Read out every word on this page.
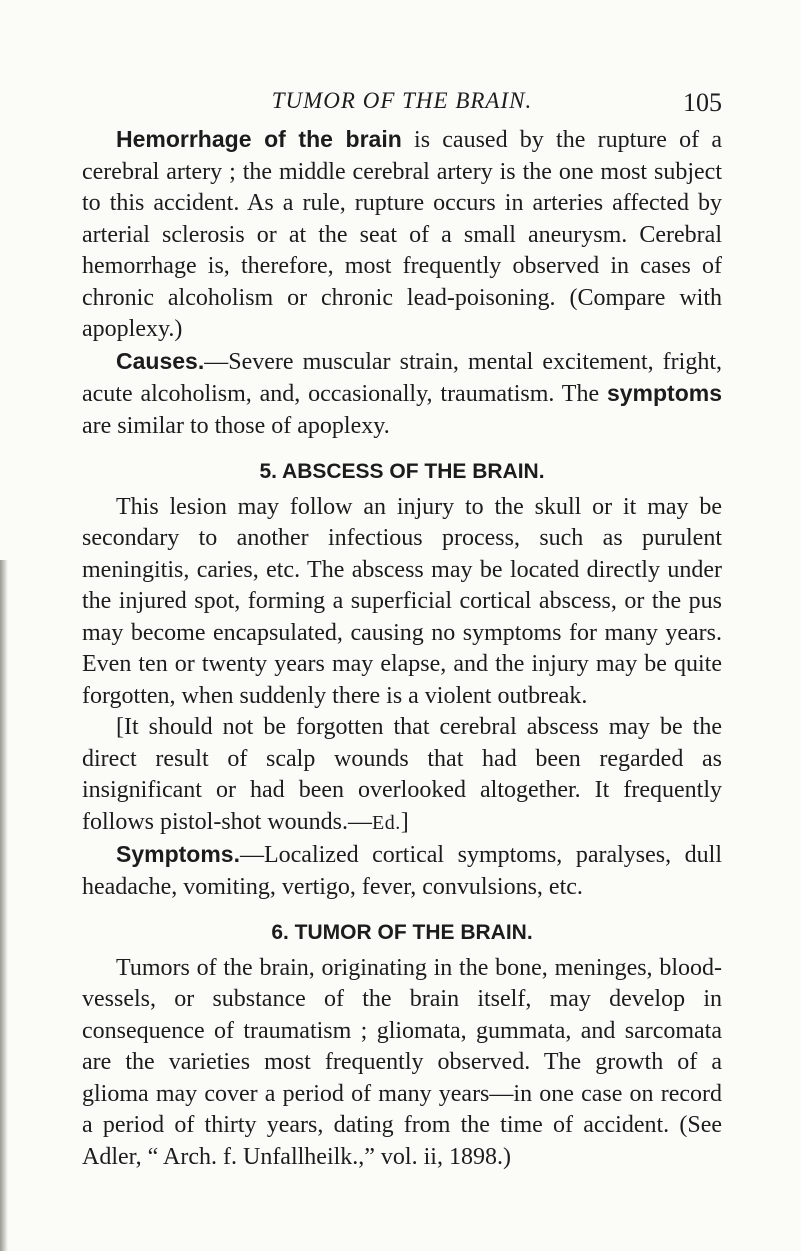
TUMOR OF THE BRAIN.	105

Hemorrhage of the brain is caused by the rupture of a cerebral artery ; the middle cerebral artery is the one most subject to this accident. As a rule, rupture occurs in arteries affected by arterial sclerosis or at the seat of a small aneurysm. Cerebral hemorrhage is, therefore, most frequently observed in cases of chronic alcoholism or chronic lead-poisoning. (Compare with apoplexy.)

Causes.—Severe muscular strain, mental excitement, fright, acute alcoholism, and, occasionally, traumatism. The symptoms are similar to those of apoplexy.

5. ABSCESS OF THE BRAIN.

This lesion may follow an injury to the skull or it may be secondary to another infectious process, such as purulent meningitis, caries, etc. The abscess may be located directly under the injured spot, forming a superficial cortical abscess, or the pus may become encapsulated, causing no symptoms for many years. Even ten or twenty years may elapse, and the injury may be quite forgotten, when suddenly there is a violent outbreak.

[It should not be forgotten that cerebral abscess may be the direct result of scalp wounds that had been regarded as insignificant or had been overlooked altogether. It frequently follows pistol-shot wounds.—Ed.]

Symptoms.—Localized cortical symptoms, paralyses, dull headache, vomiting, vertigo, fever, convulsions, etc.

6. TUMOR OF THE BRAIN.

Tumors of the brain, originating in the bone, meninges, blood-vessels, or substance of the brain itself, may develop in consequence of traumatism ; gliomata, gummata, and sarcomata are the varieties most frequently observed. The growth of a glioma may cover a period of many years—in one case on record a period of thirty years, dating from the time of accident. (See Adler, “ Arch. f. Unfallheilk.,” vol. ii, 1898.)
